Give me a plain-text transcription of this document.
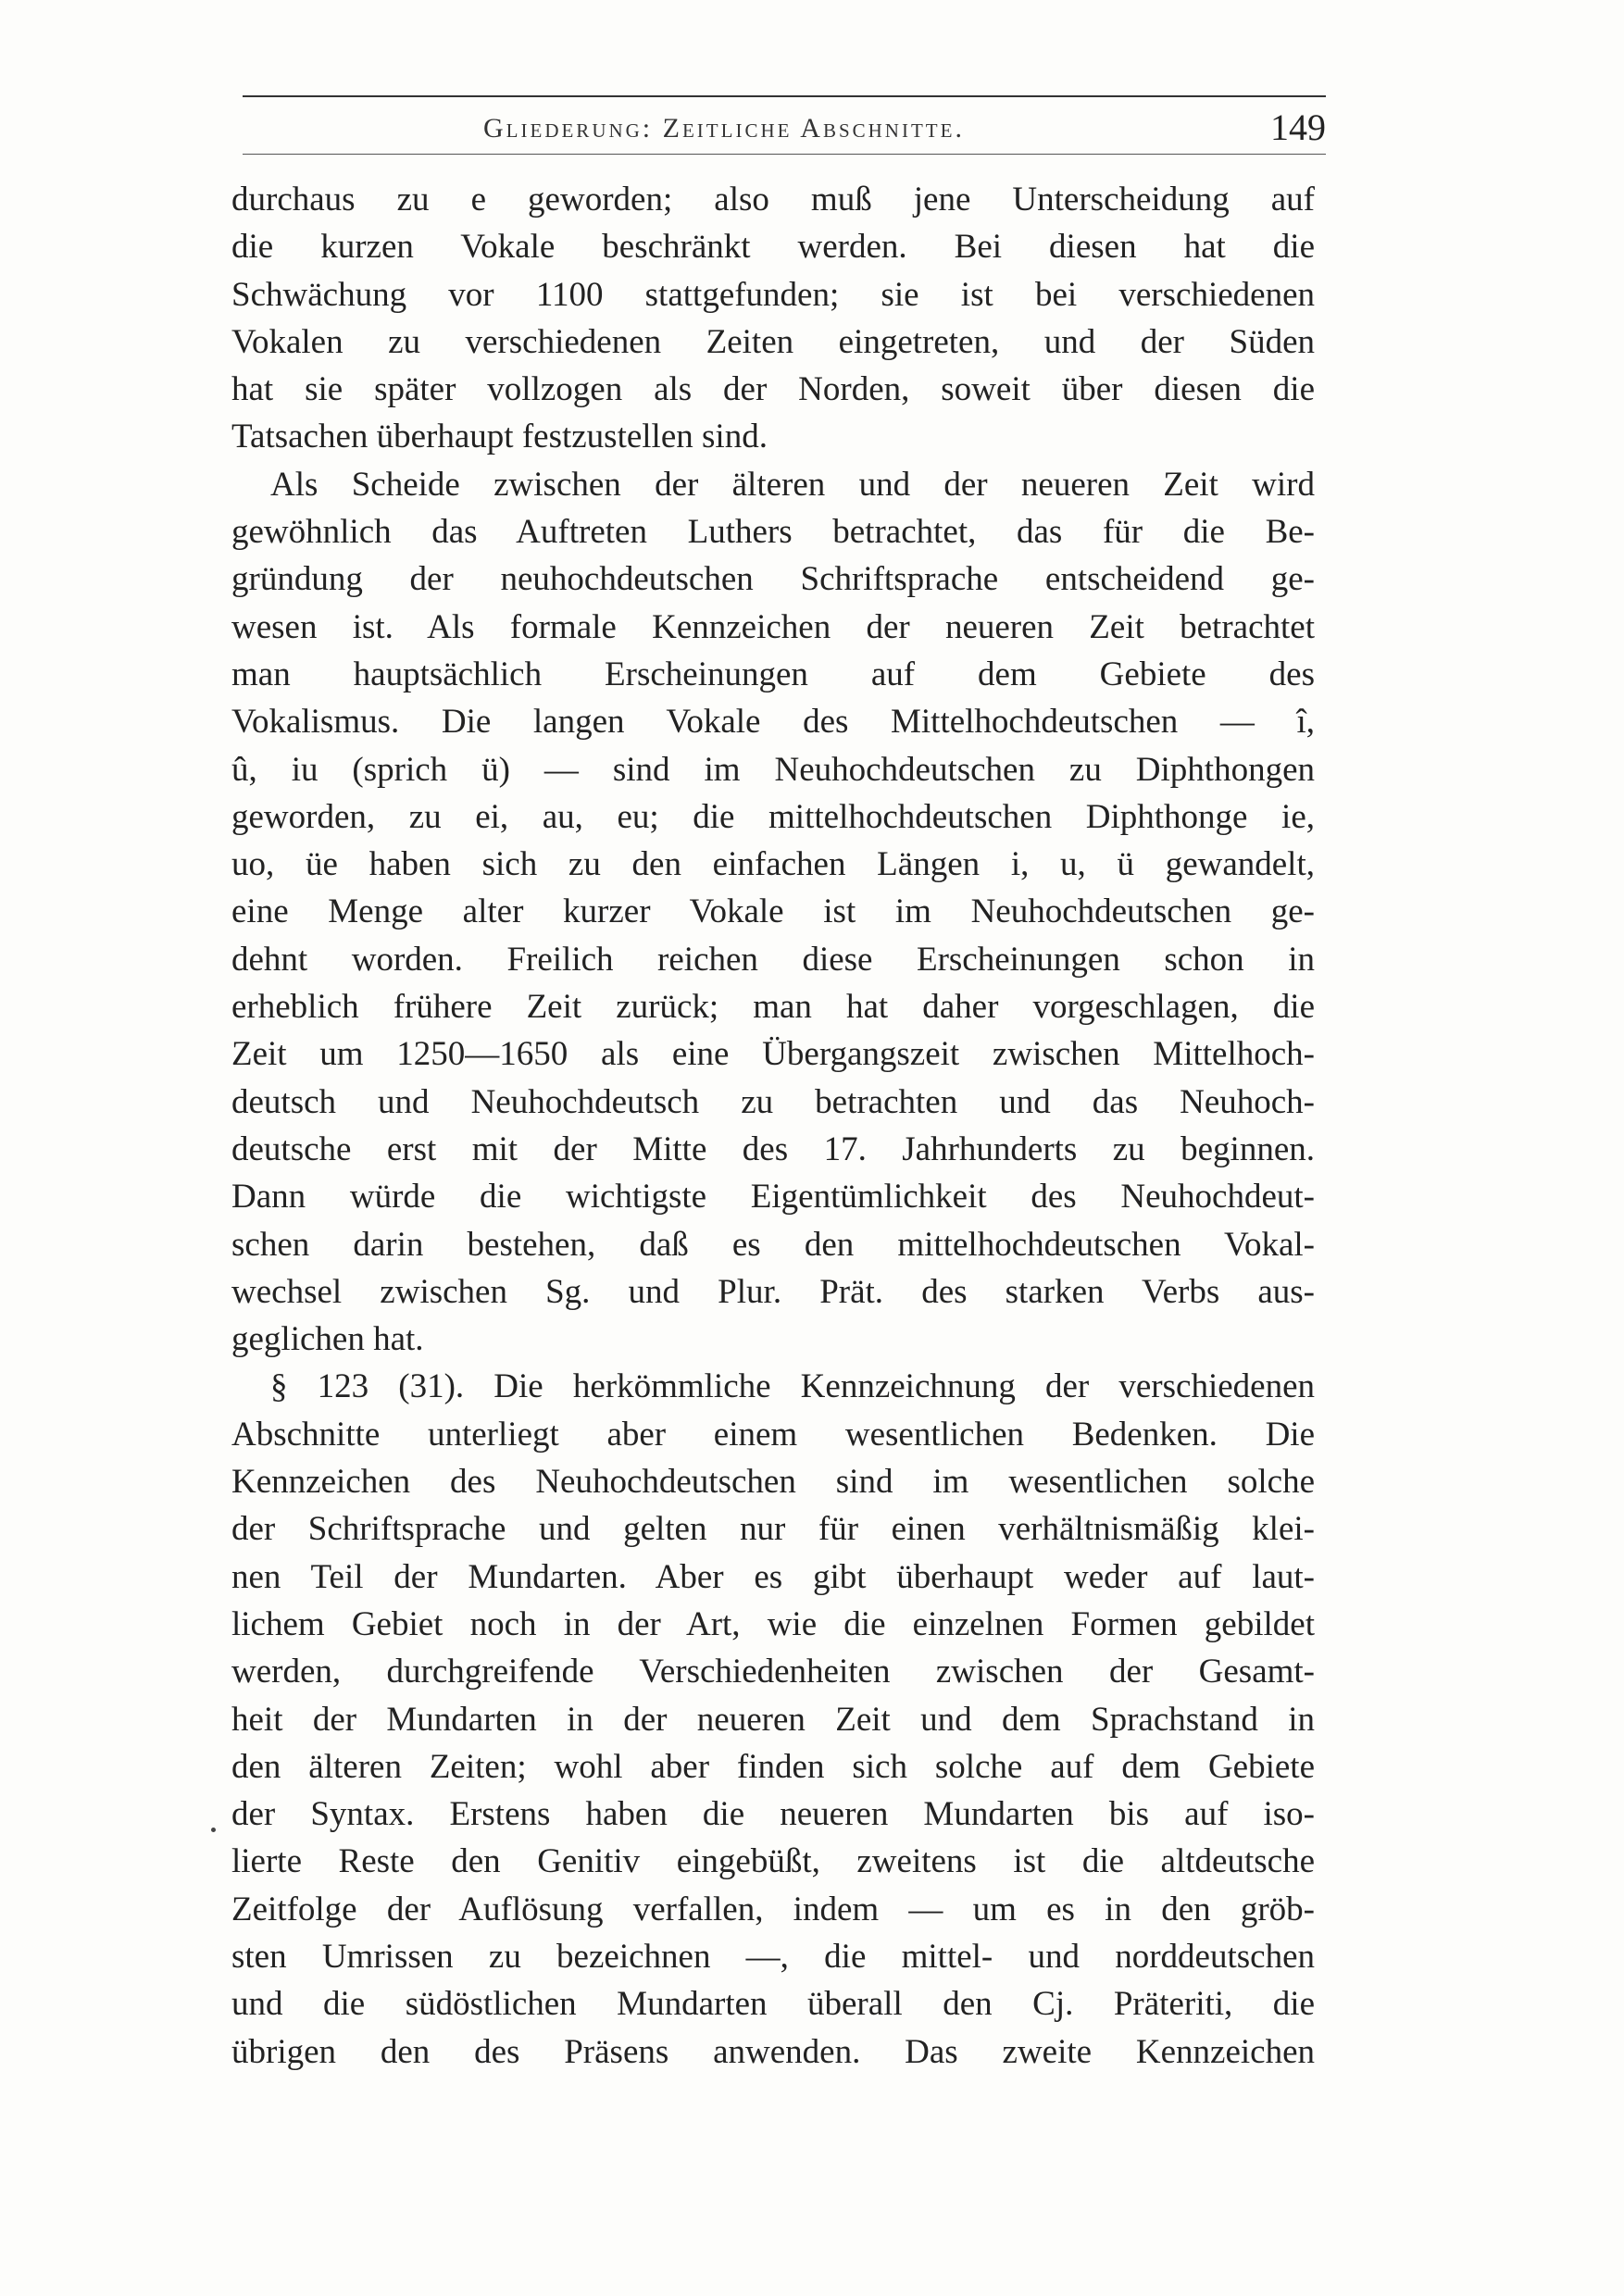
Gliederung: Zeitliche Abschnitte.	149
durchaus zu e geworden; also muß jene Unterscheidung auf
die kurzen Vokale beschränkt werden. Bei diesen hat die
Schwächung vor 1100 stattgefunden; sie ist bei verschiedenen
Vokalen zu verschiedenen Zeiten eingetreten, und der Süden
hat sie später vollzogen als der Norden, soweit über diesen die
Tatsachen überhaupt festzustellen sind.
Als Scheide zwischen der älteren und der neueren Zeit wird
gewöhnlich das Auftreten Luthers betrachtet, das für die Be-
gründung der neuhochdeutschen Schriftsprache entscheidend ge-
wesen ist. Als formale Kennzeichen der neueren Zeit betrachtet
man hauptsächlich Erscheinungen auf dem Gebiete des
Vokalismus. Die langen Vokale des Mittelhochdeutschen — î,
û, iu (sprich ü) — sind im Neuhochdeutschen zu Diphthongen
geworden, zu ei, au, eu; die mittelhochdeutschen Diphthonge ie,
uo, üe haben sich zu den einfachen Längen i, u, ü gewandelt,
eine Menge alter kurzer Vokale ist im Neuhochdeutschen ge-
dehnt worden. Freilich reichen diese Erscheinungen schon in
erheblich frühere Zeit zurück; man hat daher vorgeschlagen, die
Zeit um 1250—1650 als eine Übergangszeit zwischen Mittelhoch-
deutsch und Neuhochdeutsch zu betrachten und das Neuhoch-
deutsche erst mit der Mitte des 17. Jahrhunderts zu beginnen.
Dann würde die wichtigste Eigentümlichkeit des Neuhochdeut-
schen darin bestehen, daß es den mittelhochdeutschen Vokal-
wechsel zwischen Sg. und Plur. Prät. des starken Verbs aus-
geglichen hat.
§ 123 (31). Die herkömmliche Kennzeichnung der verschiedenen
Abschnitte unterliegt aber einem wesentlichen Bedenken. Die
Kennzeichen des Neuhochdeutschen sind im wesentlichen solche
der Schriftsprache und gelten nur für einen verhältnismäßig klei-
nen Teil der Mundarten. Aber es gibt überhaupt weder auf laut-
lichem Gebiet noch in der Art, wie die einzelnen Formen gebildet
werden, durchgreifende Verschiedenheiten zwischen der Gesamt-
heit der Mundarten in der neueren Zeit und dem Sprachstand in
den älteren Zeiten; wohl aber finden sich solche auf dem Gebiete
der Syntax. Erstens haben die neueren Mundarten bis auf iso-
lierte Reste den Genitiv eingebüßt, zweitens ist die altdeutsche
Zeitfolge der Auflösung verfallen, indem — um es in den gröb-
sten Umrissen zu bezeichnen —, die mittel- und norddeutschen
und die südöstlichen Mundarten überall den Cj. Präteriti, die
übrigen den des Präsens anwenden. Das zweite Kennzeichen
